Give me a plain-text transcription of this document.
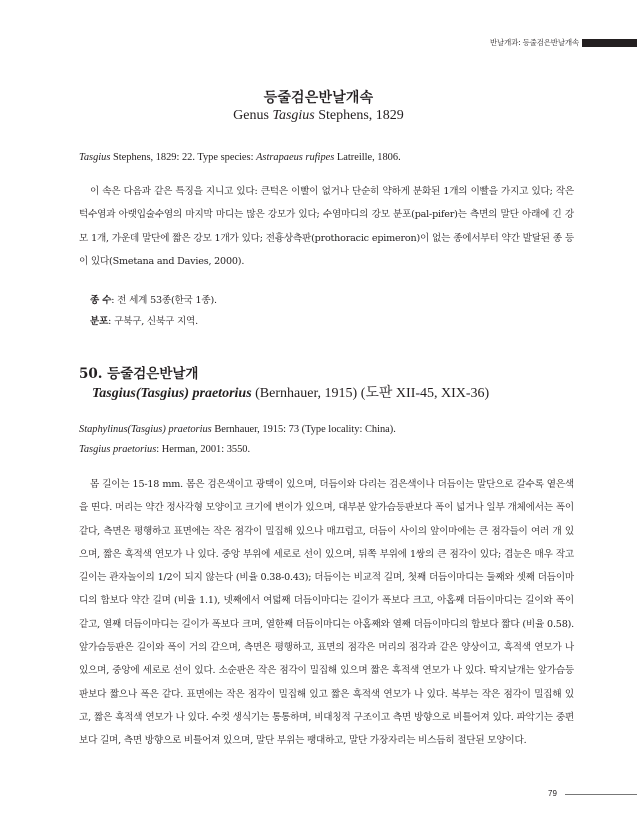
반날개과: 등줄검은반날개속
등줄검은반날개속
Genus Tasgius Stephens, 1829
Tasgius Stephens, 1829: 22. Type species: Astrapaeus rufipes Latreille, 1806.

이 속은 다음과 같은 특징을 지니고 있다: 큰턱은 이빨이 없거나 단순히 약하게 분화된 1개의 이빨을 가지고 있다; 작은턱수염과 아랫입술수염의 마지막 마디는 많은 강모가 있다; 수염마디의 강모 분포(pal-pifer)는 측면의 말단 아래에 긴 강모 1개, 가운데 말단에 짧은 강모 1개가 있다; 전흉상측판(prothoracic epimeron)이 없는 종에서부터 약간 발달된 종 등이 있다(Smetana and Davies, 2000).

종 수: 전 세계 53종(한국 1종).
분포: 구북구, 신북구 지역.
50. 등줄검은반날개
Tasgius(Tasgius) praetorius (Bernhauer, 1915) (도판 XII-45, XIX-36)
Staphylinus(Tasgius) praetorius Bernhauer, 1915: 73 (Type locality: China).
Tasgius praetorius: Herman, 2001: 3550.

몸 길이는 15-18 mm. 몸은 검은색이고 광택이 있으며, 더듬이와 다리는 검은색이나 더듬이는 말단으로 갈수록 옅은색을 띤다. 머리는 약간 정사각형 모양이고 크기에 변이가 있으며, 대부분 앞가슴등판보다 폭이 넓거나 일부 개체에서는 폭이 같다, 측면은 평행하고 표면에는 작은 점각이 밀집해 있으나 매끄럽고, 더듬이 사이의 앞이마에는 큰 점각들이 여러 개 있으며, 짧은 흑적색 연모가 나 있다. 중앙 부위에 세로로 선이 있으며, 뒤쪽 부위에 1쌍의 큰 점각이 있다; 겹눈은 매우 작고 길이는 관자놀이의 1/2이 되지 않는다 (비율 0.38-0.43); 더듬이는 비교적 길며, 첫째 더듬이마디는 둘째와 셋째 더듬이마디의 합보다 약간 길며 (비율 1.1), 넷째에서 여덟째 더듬이마디는 길이가 폭보다 크고, 아홉째 더듬이마디는 길이와 폭이 같고, 열째 더듬이마디는 길이가 폭보다 크며, 열한째 더듬이마디는 아홉째와 열째 더듬이마디의 합보다 짧다 (비율 0.58). 앞가슴등판은 길이와 폭이 거의 같으며, 측면은 평행하고, 표면의 점각은 머리의 점각과 같은 양상이고, 흑적색 연모가 나 있으며, 중앙에 세로로 선이 있다. 소순판은 작은 점각이 밀집해 있으며 짧은 흑적색 연모가 나 있다. 딱지날개는 앞가슴등판보다 짧으나 폭은 같다. 표면에는 작은 점각이 밀집해 있고 짧은 흑적색 연모가 나 있다. 복부는 작은 점각이 밀집해 있고, 짧은 흑적색 연모가 나 있다. 수컷 생식기는 통통하며, 비대칭적 구조이고 측면 방향으로 비틀어져 있다. 파악기는 중편보다 길며, 측면 방향으로 비틀어져 있으며, 말단 부위는 팽대하고, 말단 가장자리는 비스듬히 절단된 모양이다.

79
